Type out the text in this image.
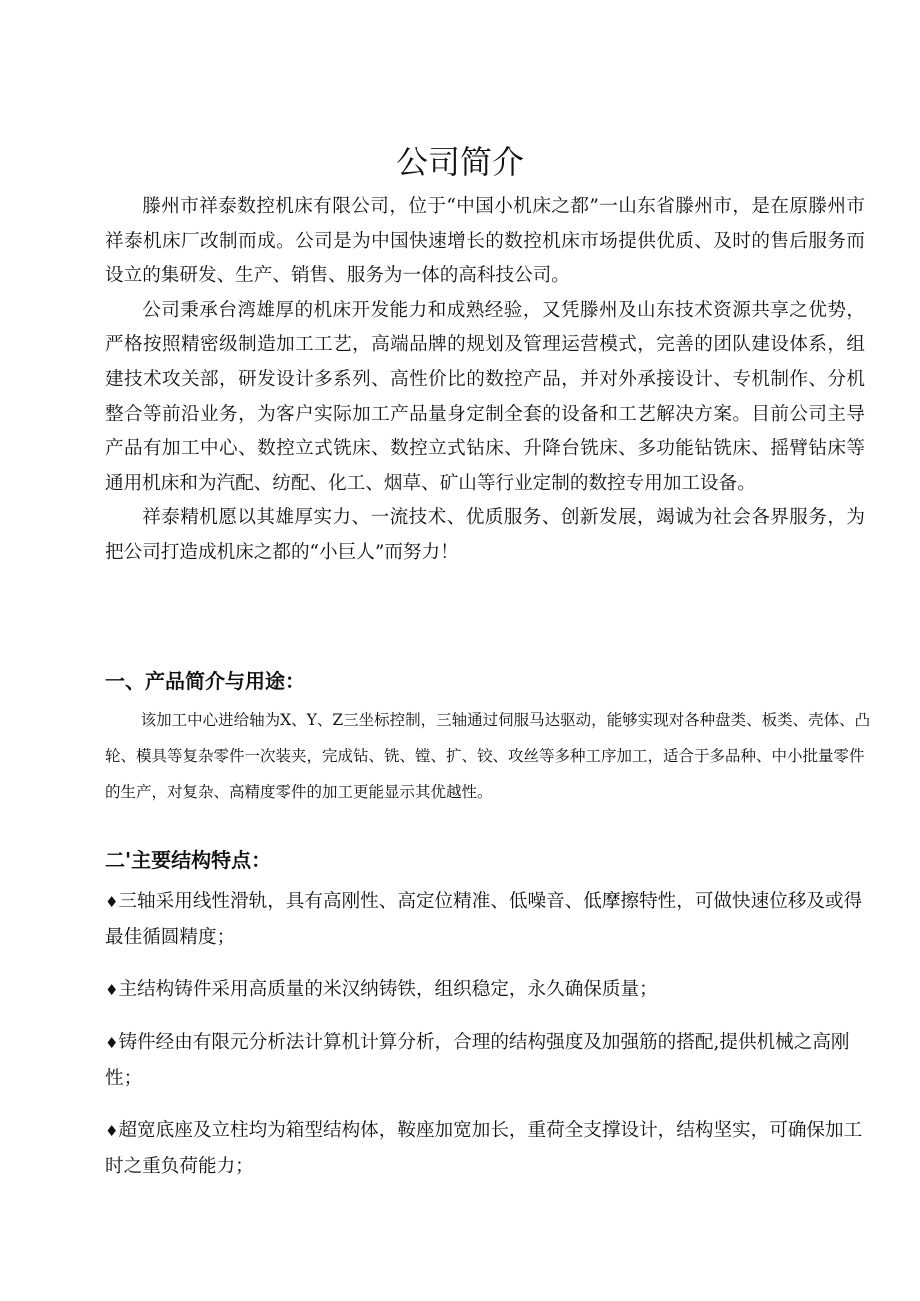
公司简介

滕州市祥泰数控机床有限公司，位于“中国小机床之都”一山东省滕州市，是在原滕州市祥泰机床厂改制而成。公司是为中国快速增长的数控机床市场提供优质、及时的售后服务而设立的集研发、生产、销售、服务为一体的高科技公司。

公司秉承台湾雄厚的机床开发能力和成熟经验，又凭滕州及山东技术资源共享之优势，严格按照精密级制造加工工艺，高端品牌的规划及管理运营模式，完善的团队建设体系，组建技术攻关部，研发设计多系列、高性价比的数控产品，并对外承接设计、专机制作、分机整合等前沿业务，为客户实际加工产品量身定制全套的设备和工艺解决方案。目前公司主导产品有加工中心、数控立式铣床、数控立式钻床、升降台铣床、多功能钻铣床、摇臂钻床等通用机床和为汽配、纺配、化工、烟草、矿山等行业定制的数控专用加工设备。

祥泰精机愿以其雄厚实力、一流技术、优质服务、创新发展，竭诚为社会各界服务，为把公司打造成机床之都的“小巨人”而努力！

一、产品简介与用途：

该加工中心进给轴为X、Y、Z三坐标控制，三轴通过伺服马达驱动，能够实现对各种盘类、板类、壳体、凸轮、模具等复杂零件一次装夹，完成钻、铣、镗、扩、铰、攻丝等多种工序加工，适合于多品种、中小批量零件的生产，对复杂、高精度零件的加工更能显示其优越性。

二'主要结构特点：
♦三轴采用线性滑轨，具有高刚性、高定位精准、低噪音、低摩擦特性，可做快速位移及或得最佳循圆精度；
♦主结构铸件采用高质量的米汉纳铸铁，组织稳定，永久确保质量；
♦铸件经由有限元分析法计算机计算分析，合理的结构强度及加强筋的搭配,提供机械之高刚性；
♦超宽底座及立柱均为箱型结构体，鞍座加宽加长，重荷全支撑设计，结构坚实，可确保加工时之重负荷能力；
